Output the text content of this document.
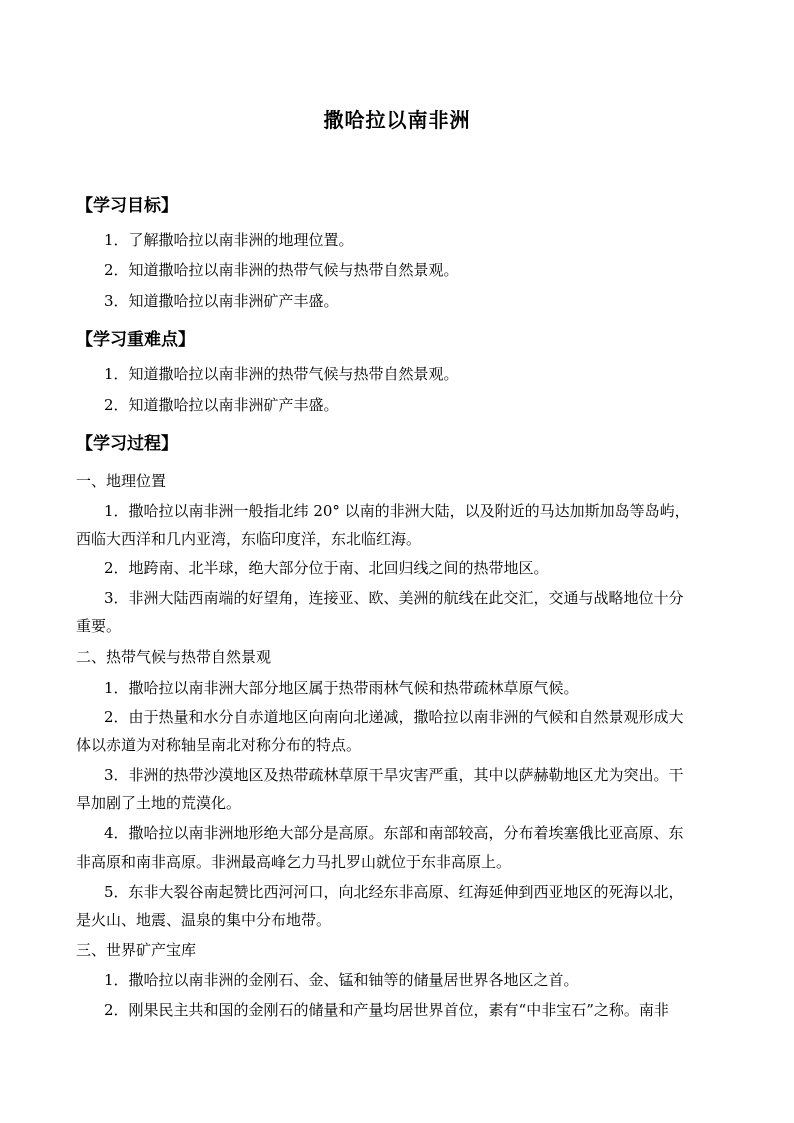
撒哈拉以南非洲
【学习目标】
1．了解撒哈拉以南非洲的地理位置。
2．知道撒哈拉以南非洲的热带气候与热带自然景观。
3．知道撒哈拉以南非洲矿产丰盛。
【学习重难点】
1．知道撒哈拉以南非洲的热带气候与热带自然景观。
2．知道撒哈拉以南非洲矿产丰盛。
【学习过程】
一、地理位置
1．撒哈拉以南非洲一般指北纬 20° 以南的非洲大陆，以及附近的马达加斯加岛等岛屿，
西临大西洋和几内亚湾，东临印度洋，东北临红海。
2．地跨南、北半球，绝大部分位于南、北回归线之间的热带地区。
3．非洲大陆西南端的好望角，连接亚、欧、美洲的航线在此交汇，交通与战略地位十分
重要。
二、热带气候与热带自然景观
1．撒哈拉以南非洲大部分地区属于热带雨林气候和热带疏林草原气候。
2．由于热量和水分自赤道地区向南向北递减，撒哈拉以南非洲的气候和自然景观形成大
体以赤道为对称轴呈南北对称分布的特点。
3．非洲的热带沙漠地区及热带疏林草原干旱灾害严重，其中以萨赫勒地区尤为突出。干
旱加剧了土地的荒漠化。
4．撒哈拉以南非洲地形绝大部分是高原。东部和南部较高，分布着埃塞俄比亚高原、东
非高原和南非高原。非洲最高峰乞力马扎罗山就位于东非高原上。
5．东非大裂谷南起赞比西河河口，向北经东非高原、红海延伸到西亚地区的死海以北，
是火山、地震、温泉的集中分布地带。
三、世界矿产宝库
1．撒哈拉以南非洲的金刚石、金、锰和铀等的储量居世界各地区之首。
2．刚果民主共和国的金刚石的储量和产量均居世界首位，素有“中非宝石”之称。南非
